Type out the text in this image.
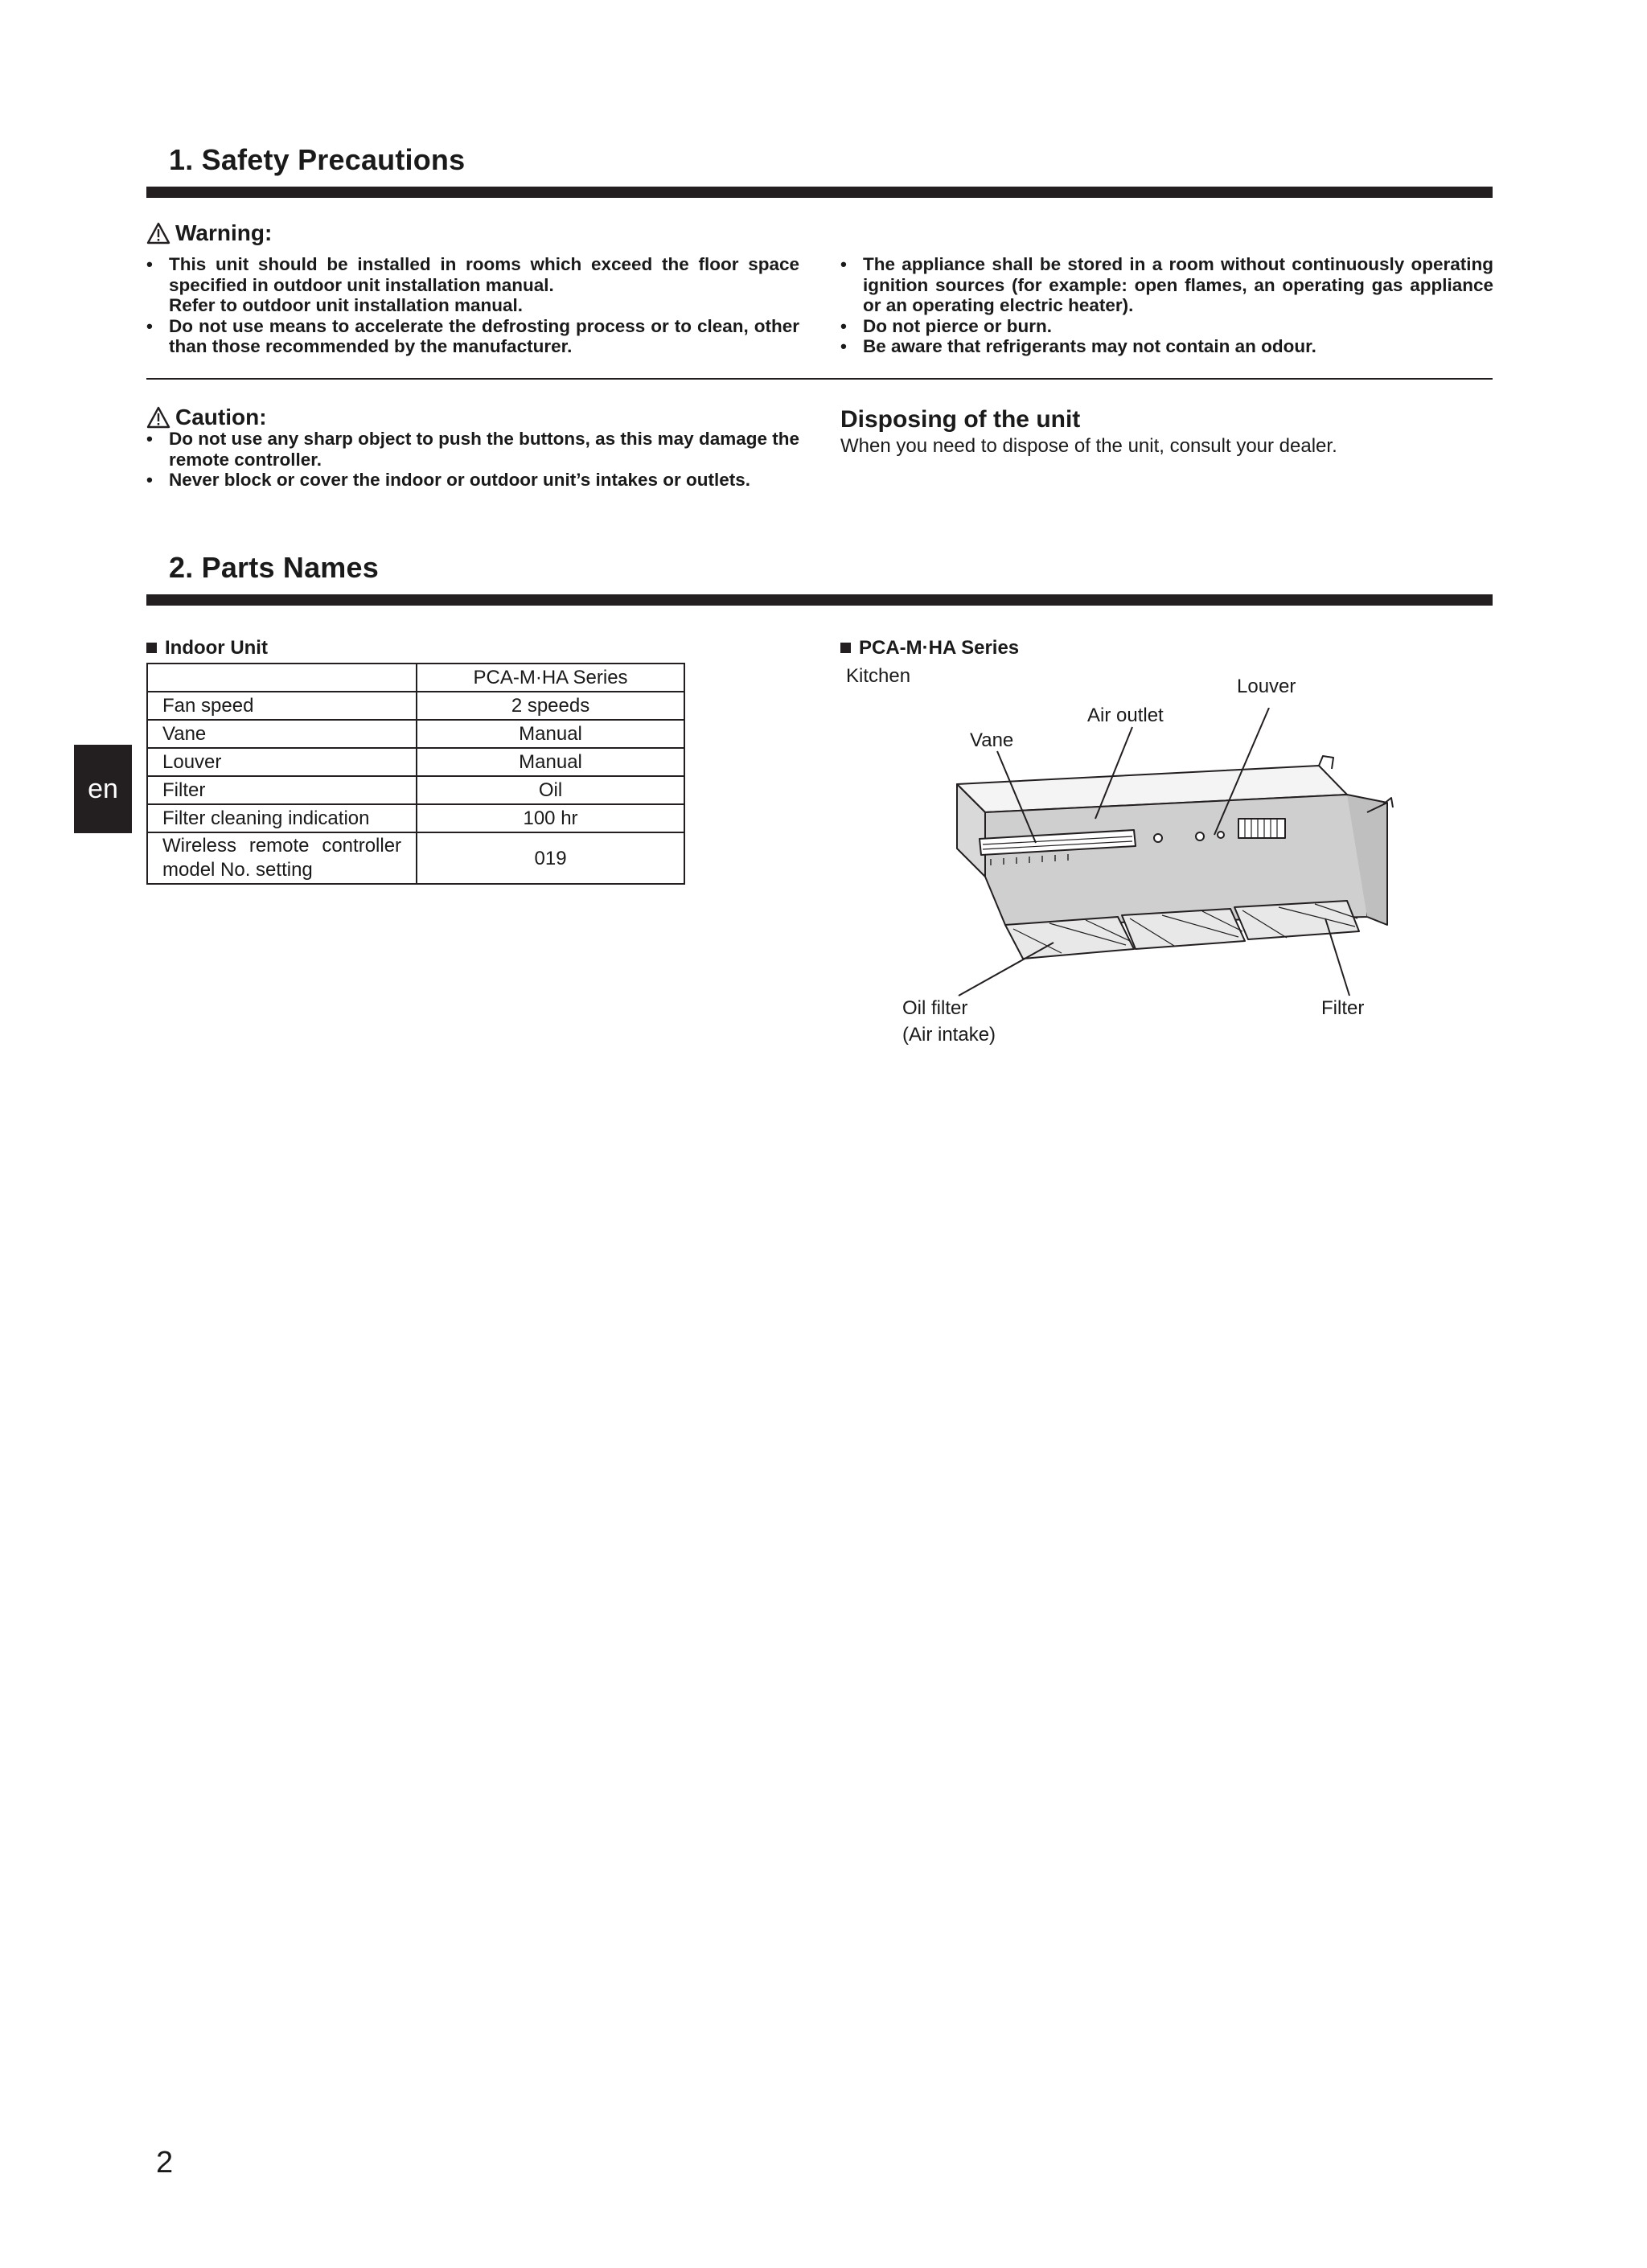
1. Safety Precautions
Warning:
• This unit should be installed in rooms which exceed the floor space specified in outdoor unit installation manual.
Refer to outdoor unit installation manual.
• Do not use means to accelerate the defrosting process or to clean, other than those recommended by the manufacturer.
• The appliance shall be stored in a room without continuously operating ignition sources (for example: open flames, an operating gas appliance or an operating electric heater).
• Do not pierce or burn.
• Be aware that refrigerants may not contain an odour.
Caution:
• Do not use any sharp object to push the buttons, as this may damage the remote controller.
• Never block or cover the indoor or outdoor unit’s intakes or outlets.
Disposing of the unit
When you need to dispose of the unit, consult your dealer.
2. Parts Names
Indoor Unit
	PCA-M·HA Series
Fan speed	2 speeds
Vane	Manual
Louver	Manual
Filter	Oil
Filter cleaning indication	100 hr
Wireless remote controller model No. setting	019
PCA-M·HA Series
Kitchen	Louver
Air outlet
Vane
Oil filter
(Air intake)
Filter
en
2
